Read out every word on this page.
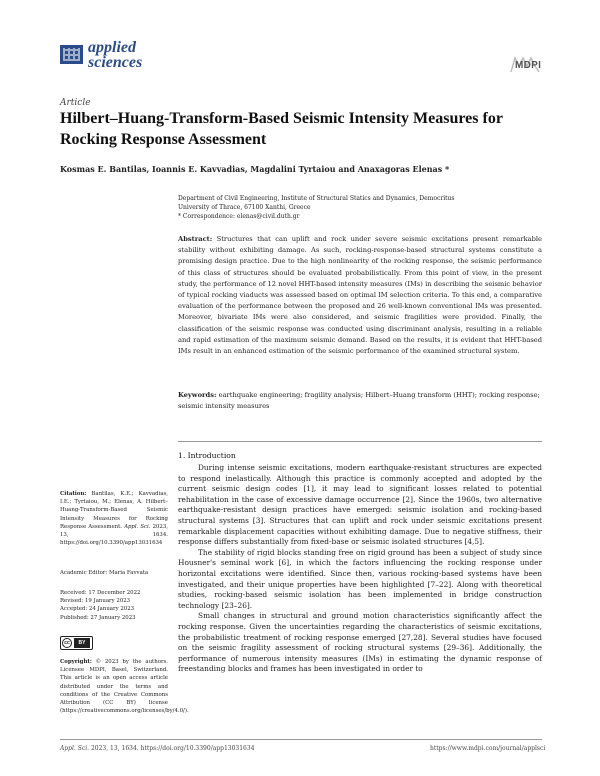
applied
sciences	MDPI
Article
Hilbert–Huang-Transform-Based Seismic Intensity Measures for Rocking Response Assessment
Kosmas E. Bantilas, Ioannis E. Kavvadias, Magdalini Tyrtaiou and Anaxagoras Elenas *
Department of Civil Engineering, Institute of Structural Statics and Dynamics, Democritus
University of Thrace, 67100 Xanthi, Greece
* Correspondence: elenas@civil.duth.gr
Abstract: Structures that can uplift and rock under severe seismic excitations present remarkable stability without exhibiting damage. As such, rocking-response-based structural systems constitute a promising design practice. Due to the high nonlinearity of the rocking response, the seismic performance of this class of structures should be evaluated probabilistically. From this point of view, in the present study, the performance of 12 novel HHT-based intensity measures (IMs) in describing the seismic behavior of typical rocking viaducts was assessed based on optimal IM selection criteria. To this end, a comparative evaluation of the performance between the proposed and 26 well-known conventional IMs was presented. Moreover, bivariate IMs were also considered, and seismic fragilities were provided. Finally, the classification of the seismic response was conducted using discriminant analysis, resulting in a reliable and rapid estimation of the maximum seismic demand. Based on the results, it is evident that HHT-based IMs result in an enhanced estimation of the seismic performance of the examined structural system.
Keywords: earthquake engineering; fragility analysis; Hilbert–Huang transform (HHT); rocking response; seismic intensity measures
Citation: Bantilas, K.E.; Kavvadias, I.E.; Tyrtaiou, M.; Elenas, A. Hilbert–Huang-Transform-Based Seismic Intensity Measures for Rocking Response Assessment. Appl. Sci. 2023, 13, 1634. https://doi.org/10.3390/app13031634
Academic Editor: Maria Favvata
Received: 17 December 2022
Revised: 19 January 2023
Accepted: 24 January 2023
Published: 27 January 2023
cc	BY
Copyright: © 2023 by the authors. Licensee MDPI, Basel, Switzerland. This article is an open access article distributed under the terms and conditions of the Creative Commons Attribution (CC BY) license (https://creativecommons.org/licenses/by/4.0/).
1. Introduction

During intense seismic excitations, modern earthquake-resistant structures are expected to respond inelastically. Although this practice is commonly accepted and adopted by the current seismic design codes [1], it may lead to significant losses related to potential rehabilitation in the case of excessive damage occurrence [2]. Since the 1960s, two alternative earthquake-resistant design practices have emerged: seismic isolation and rocking-based structural systems [3]. Structures that can uplift and rock under seismic excitations present remarkable displacement capacities without exhibiting damage. Due to negative stiffness, their response differs substantially from fixed-base or seismic isolated structures [4,5].

The stability of rigid blocks standing free on rigid ground has been a subject of study since Housner's seminal work [6], in which the factors influencing the rocking response under horizontal excitations were identified. Since then, various rocking-based systems have been investigated, and their unique properties have been highlighted [7–22]. Along with theoretical studies, rocking-based seismic isolation has been implemented in bridge construction technology [23–26].

Small changes in structural and ground motion characteristics significantly affect the rocking response. Given the uncertainties regarding the characteristics of seismic excitations, the probabilistic treatment of rocking response emerged [27,28]. Several studies have focused on the seismic fragility assessment of rocking structural systems [29–36]. Additionally, the performance of numerous intensity measures (IMs) in estimating the dynamic response of freestanding blocks and frames has been investigated in order to

Appl. Sci. 2023, 13, 1634. https://doi.org/10.3390/app13031634	https://www.mdpi.com/journal/applsci
